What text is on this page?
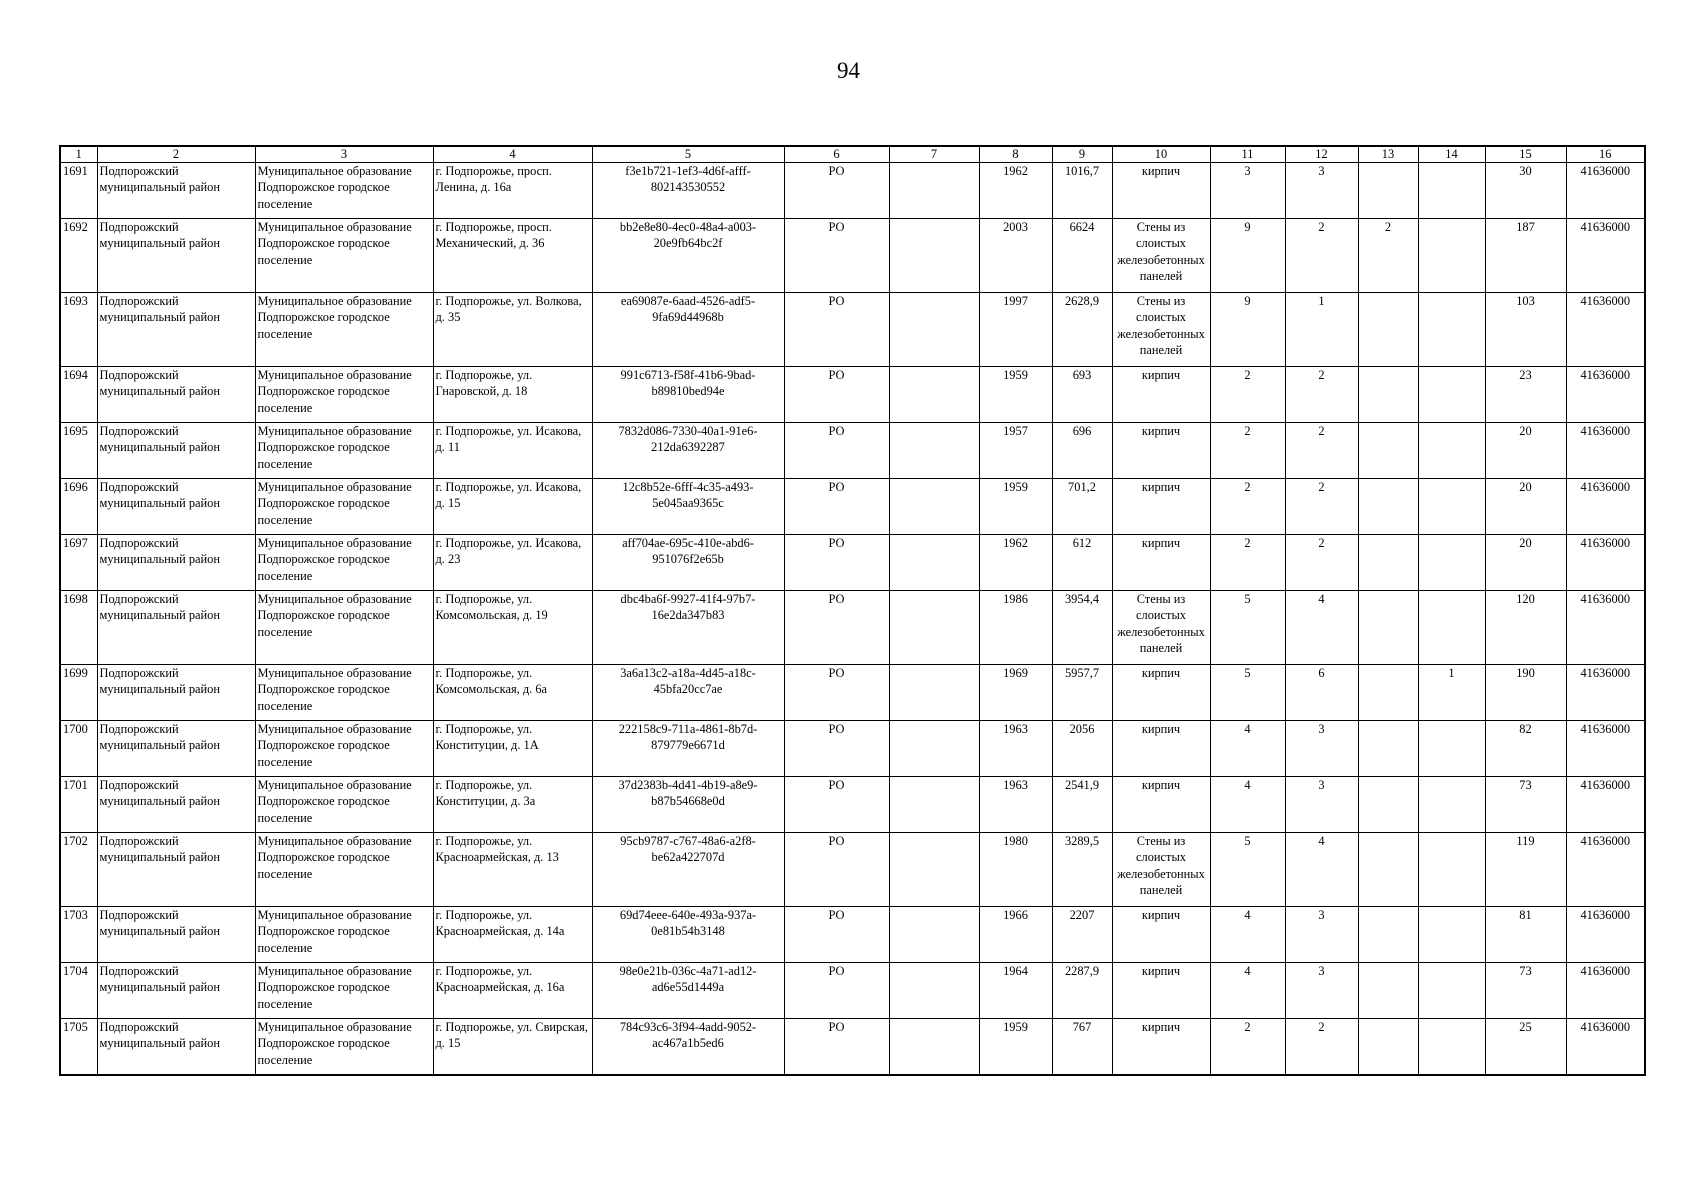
94
1	2	3	4	5	6	7	8	9	10	11	12	13	14	15	16
1691	Подпорожский муниципальный район	Муниципальное образование Подпорожское городское поселение	г. Подпорожье, просп. Ленина, д. 16а	f3e1b721-1ef3-4d6f-afff-802143530552	РО		1962	1016,7	кирпич	3	3			30	41636000
1692	Подпорожский муниципальный район	Муниципальное образование Подпорожское городское поселение	г. Подпорожье, просп. Механический, д. 36	bb2e8e80-4ec0-48a4-a003-20e9fb64bc2f	РО		2003	6624	Стены из слоистых железобетонных панелей	9	2	2		187	41636000
1693	Подпорожский муниципальный район	Муниципальное образование Подпорожское городское поселение	г. Подпорожье, ул. Волкова, д. 35	ea69087e-6aad-4526-adf5-9fa69d44968b	РО		1997	2628,9	Стены из слоистых железобетонных панелей	9	1			103	41636000
1694	Подпорожский муниципальный район	Муниципальное образование Подпорожское городское поселение	г. Подпорожье, ул. Гнаровской, д. 18	991c6713-f58f-41b6-9bad-b89810bed94e	РО		1959	693	кирпич	2	2			23	41636000
1695	Подпорожский муниципальный район	Муниципальное образование Подпорожское городское поселение	г. Подпорожье, ул. Исакова, д. 11	7832d086-7330-40a1-91e6-212da6392287	РО		1957	696	кирпич	2	2			20	41636000
1696	Подпорожский муниципальный район	Муниципальное образование Подпорожское городское поселение	г. Подпорожье, ул. Исакова, д. 15	12c8b52e-6fff-4c35-a493-5e045aa9365c	РО		1959	701,2	кирпич	2	2			20	41636000
1697	Подпорожский муниципальный район	Муниципальное образование Подпорожское городское поселение	г. Подпорожье, ул. Исакова, д. 23	aff704ae-695c-410e-abd6-951076f2e65b	РО		1962	612	кирпич	2	2			20	41636000
1698	Подпорожский муниципальный район	Муниципальное образование Подпорожское городское поселение	г. Подпорожье, ул. Комсомольская, д. 19	dbc4ba6f-9927-41f4-97b7-16e2da347b83	РО		1986	3954,4	Стены из слоистых железобетонных панелей	5	4			120	41636000
1699	Подпорожский муниципальный район	Муниципальное образование Подпорожское городское поселение	г. Подпорожье, ул. Комсомольская, д. 6а	3a6a13c2-a18a-4d45-a18c-45bfa20cc7ae	РО		1969	5957,7	кирпич	5	6		1	190	41636000
1700	Подпорожский муниципальный район	Муниципальное образование Подпорожское городское поселение	г. Подпорожье, ул. Конституции, д. 1А	222158c9-711a-4861-8b7d-879779e6671d	РО		1963	2056	кирпич	4	3			82	41636000
1701	Подпорожский муниципальный район	Муниципальное образование Подпорожское городское поселение	г. Подпорожье, ул. Конституции, д. 3а	37d2383b-4d41-4b19-a8e9-b87b54668e0d	РО		1963	2541,9	кирпич	4	3			73	41636000
1702	Подпорожский муниципальный район	Муниципальное образование Подпорожское городское поселение	г. Подпорожье, ул. Красноармейская, д. 13	95cb9787-c767-48a6-a2f8-be62a422707d	РО		1980	3289,5	Стены из слоистых железобетонных панелей	5	4			119	41636000
1703	Подпорожский муниципальный район	Муниципальное образование Подпорожское городское поселение	г. Подпорожье, ул. Красноармейская, д. 14а	69d74eee-640e-493a-937a-0e81b54b3148	РО		1966	2207	кирпич	4	3			81	41636000
1704	Подпорожский муниципальный район	Муниципальное образование Подпорожское городское поселение	г. Подпорожье, ул. Красноармейская, д. 16а	98e0e21b-036c-4a71-ad12-ad6e55d1449a	РО		1964	2287,9	кирпич	4	3			73	41636000
1705	Подпорожский муниципальный район	Муниципальное образование Подпорожское городское поселение	г. Подпорожье, ул. Свирская, д. 15	784c93c6-3f94-4add-9052-ac467a1b5ed6	РО		1959	767	кирпич	2	2			25	41636000
